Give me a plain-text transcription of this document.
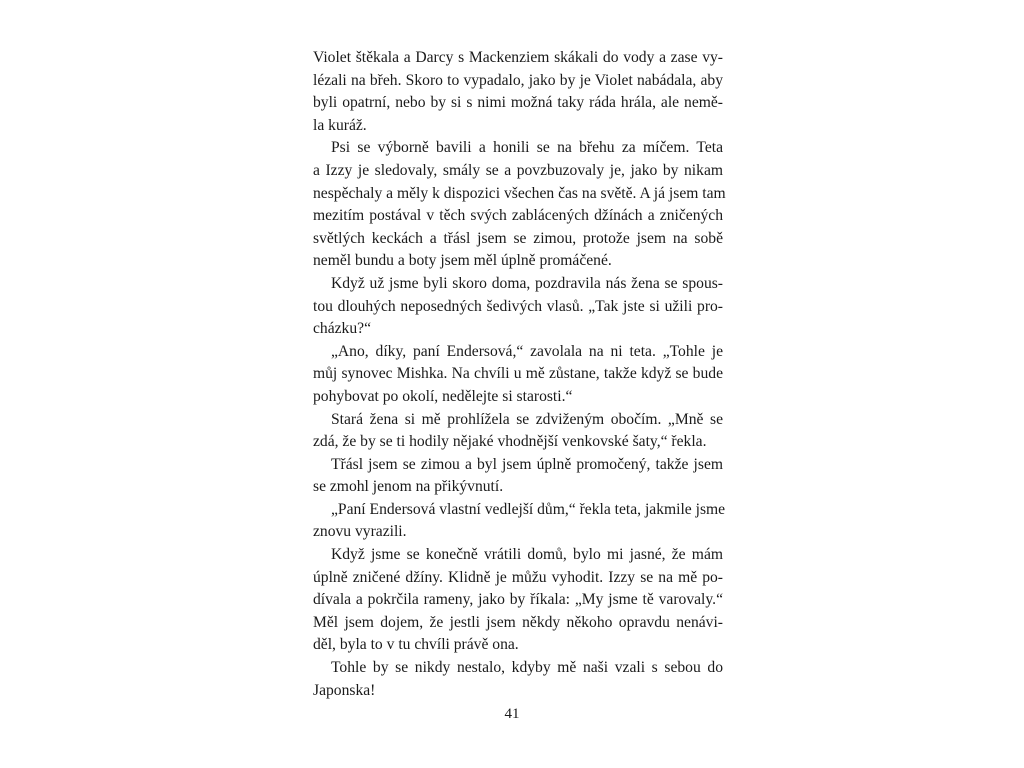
Violet štěkala a Darcy s Mackenziem skákali do vody a zase vy-
lézali na břeh. Skoro to vypadalo, jako by je Violet nabádala, aby
byli opatrní, nebo by si s nimi možná taky ráda hrála, ale nemě-
la kuráž.
Psi se výborně bavili a honili se na břehu za míčem. Teta
a Izzy je sledovaly, smály se a povzbuzovaly je, jako by nikam
nespěchaly a měly k dispozici všechen čas na světě. A já jsem tam
mezitím postával v těch svých zablácených džínách a zničených
světlých keckách a třásl jsem se zimou, protože jsem na sobě
neměl bundu a boty jsem měl úplně promáčené.
Když už jsme byli skoro doma, pozdravila nás žena se spous-
tou dlouhých neposedných šedivých vlasů. „Tak jste si užili pro-
cházku?“
„Ano, díky, paní Endersová,“ zavolala na ni teta. „Tohle je
můj synovec Mishka. Na chvíli u mě zůstane, takže když se bude
pohybovat po okolí, nedělejte si starosti.“
Stará žena si mě prohlížela se zdviženým obočím. „Mně se
zdá, že by se ti hodily nějaké vhodnější venkovské šaty,“ řekla.
Třásl jsem se zimou a byl jsem úplně promočený, takže jsem
se zmohl jenom na přikývnutí.
„Paní Endersová vlastní vedlejší dům,“ řekla teta, jakmile jsme
znovu vyrazili.
Když jsme se konečně vrátili domů, bylo mi jasné, že mám
úplně zničené džíny. Klidně je můžu vyhodit. Izzy se na mě po-
dívala a pokrčila rameny, jako by říkala: „My jsme tě varovaly.“
Měl jsem dojem, že jestli jsem někdy někoho opravdu nenávi-
děl, byla to v tu chvíli právě ona.
Tohle by se nikdy nestalo, kdyby mě naši vzali s sebou do
Japonska!
41
